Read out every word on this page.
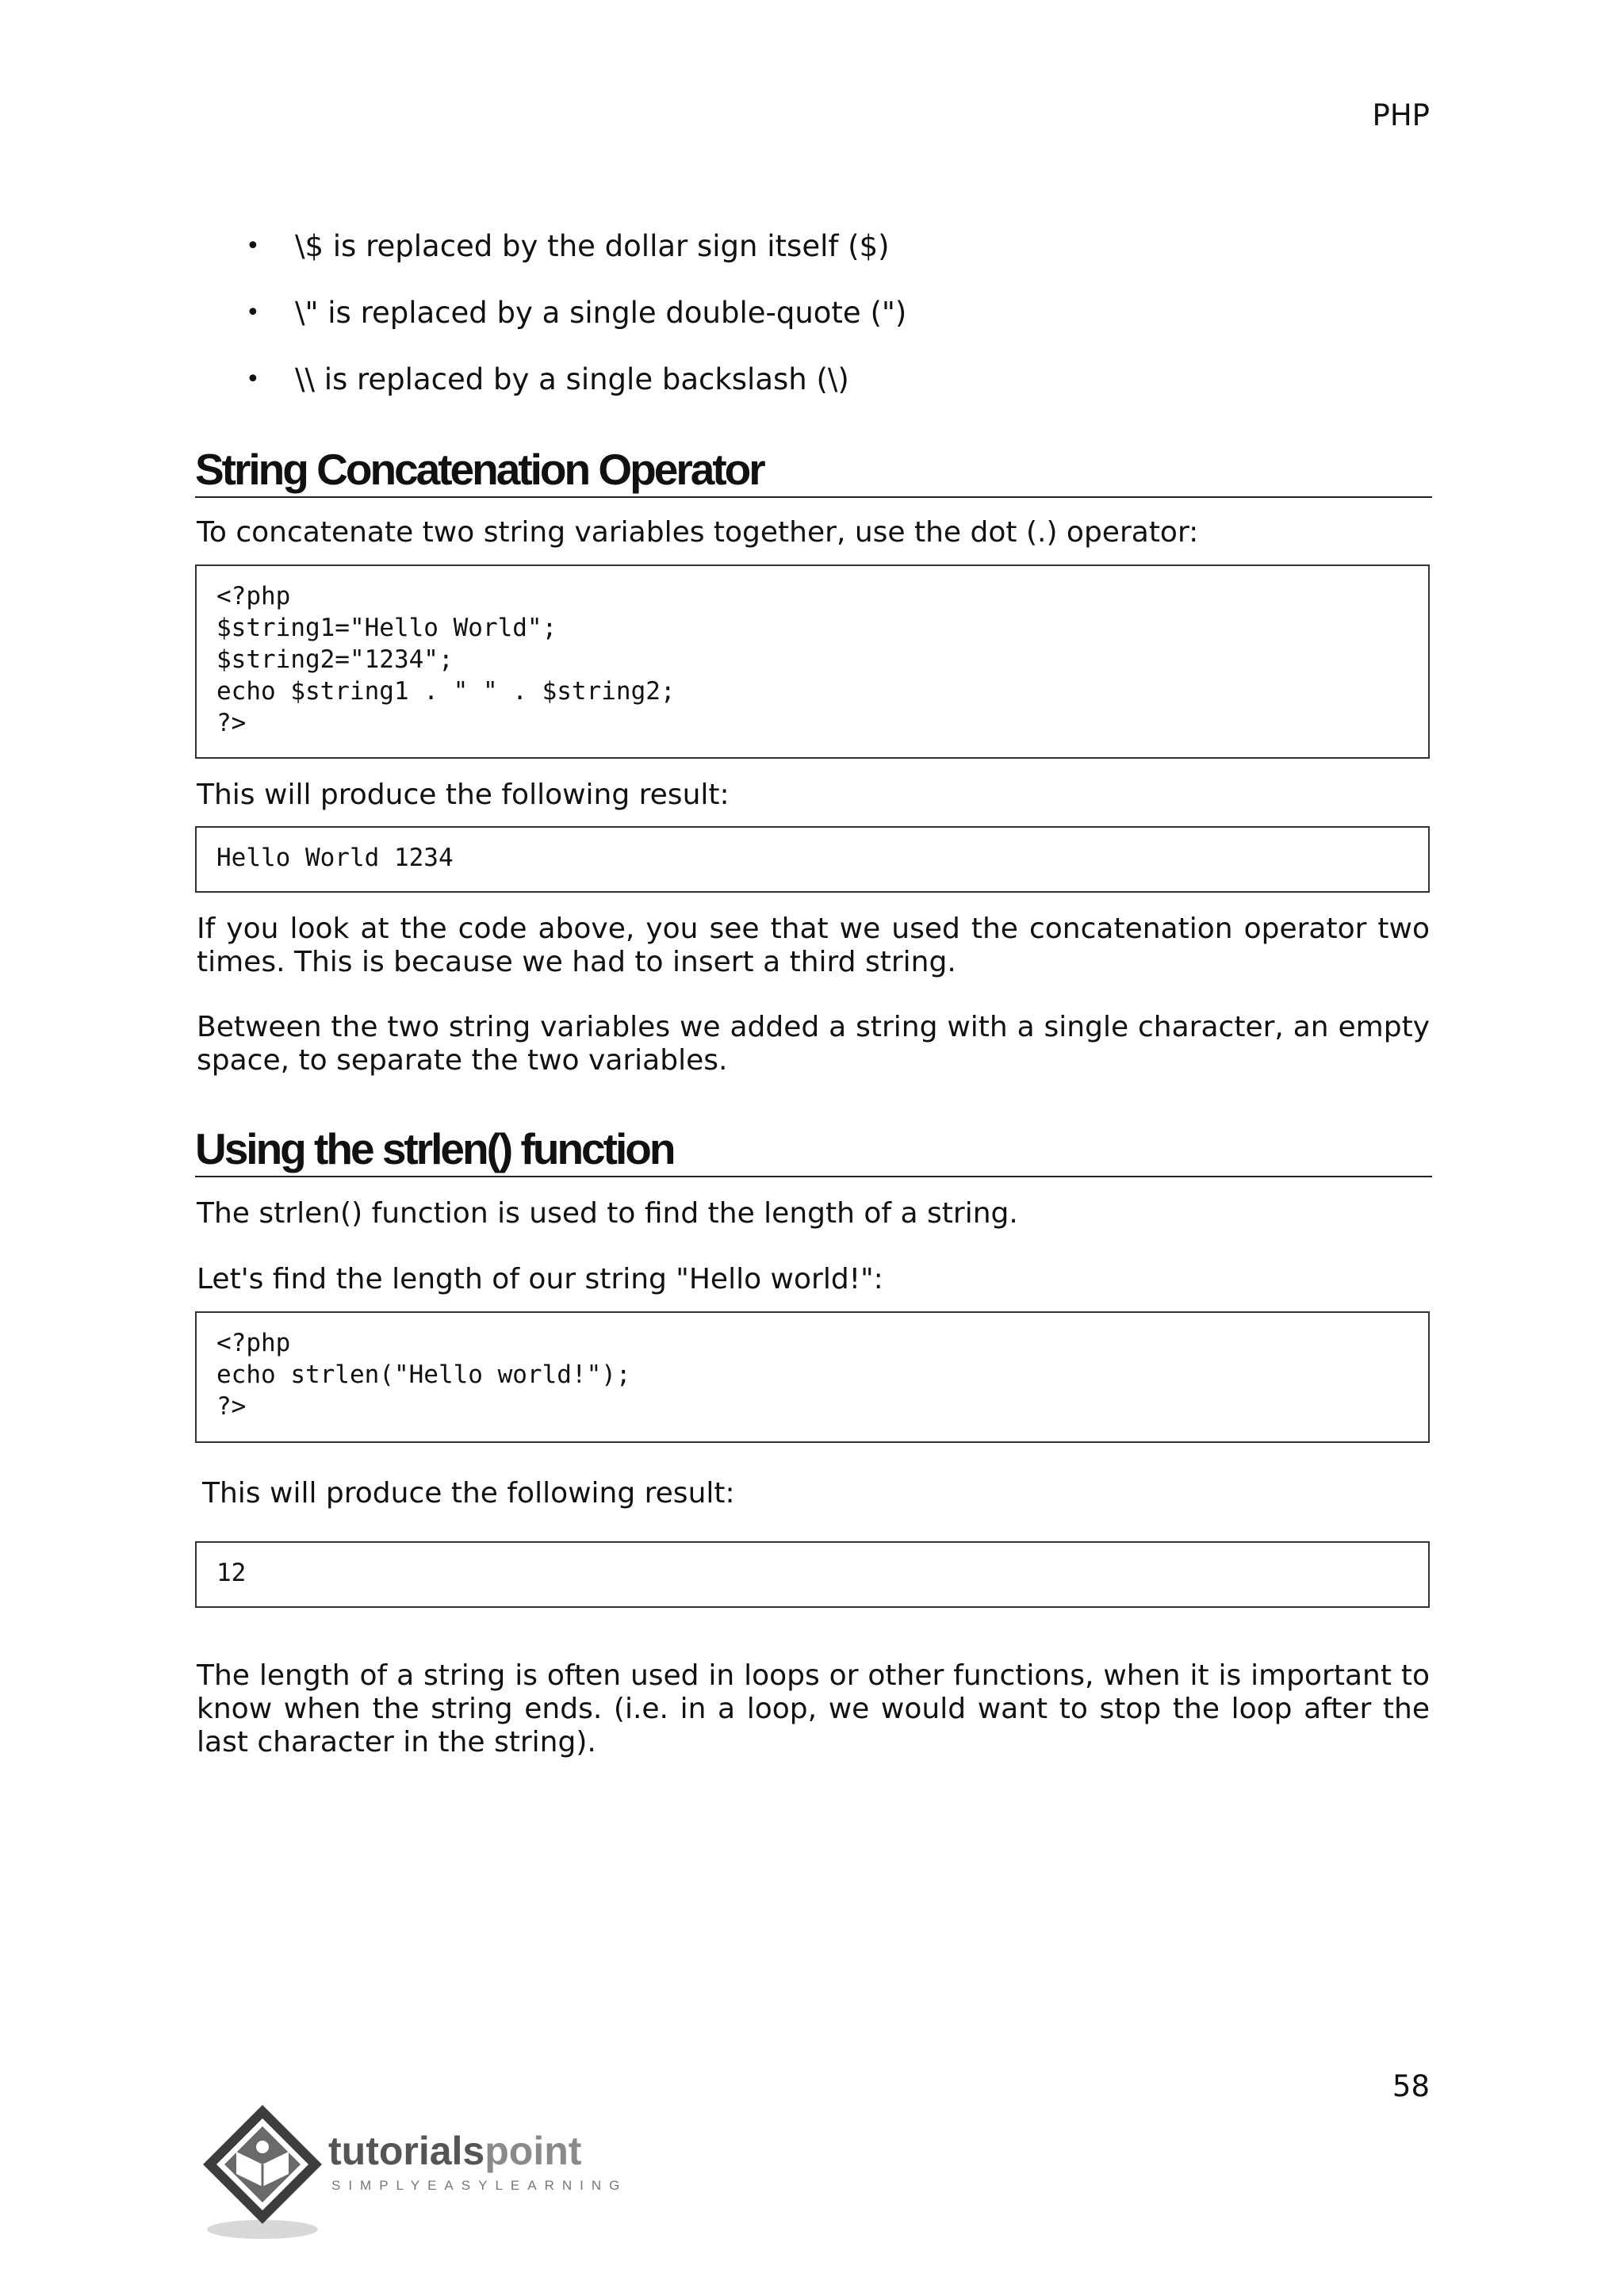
PHP
• \$ is replaced by the dollar sign itself ($)
• \" is replaced by a single double-quote (")
• \\ is replaced by a single backslash (\)
String Concatenation Operator
To concatenate two string variables together, use the dot (.) operator:
<?php
$string1="Hello World";
$string2="1234";
echo $string1 . " " . $string2;
?>
This will produce the following result:
Hello World 1234
If you look at the code above, you see that we used the concatenation operator two times. This is because we had to insert a third string.
Between the two string variables we added a string with a single character, an empty space, to separate the two variables.
Using the strlen() function
The strlen() function is used to find the length of a string.
Let's find the length of our string "Hello world!":
<?php
echo strlen("Hello world!");
?>
This will produce the following result:
12
The length of a string is often used in loops or other functions, when it is important to know when the string ends. (i.e. in a loop, we would want to stop the loop after the last character in the string).
58
tutorialspoint
SIMPLYEASYLEARNING
